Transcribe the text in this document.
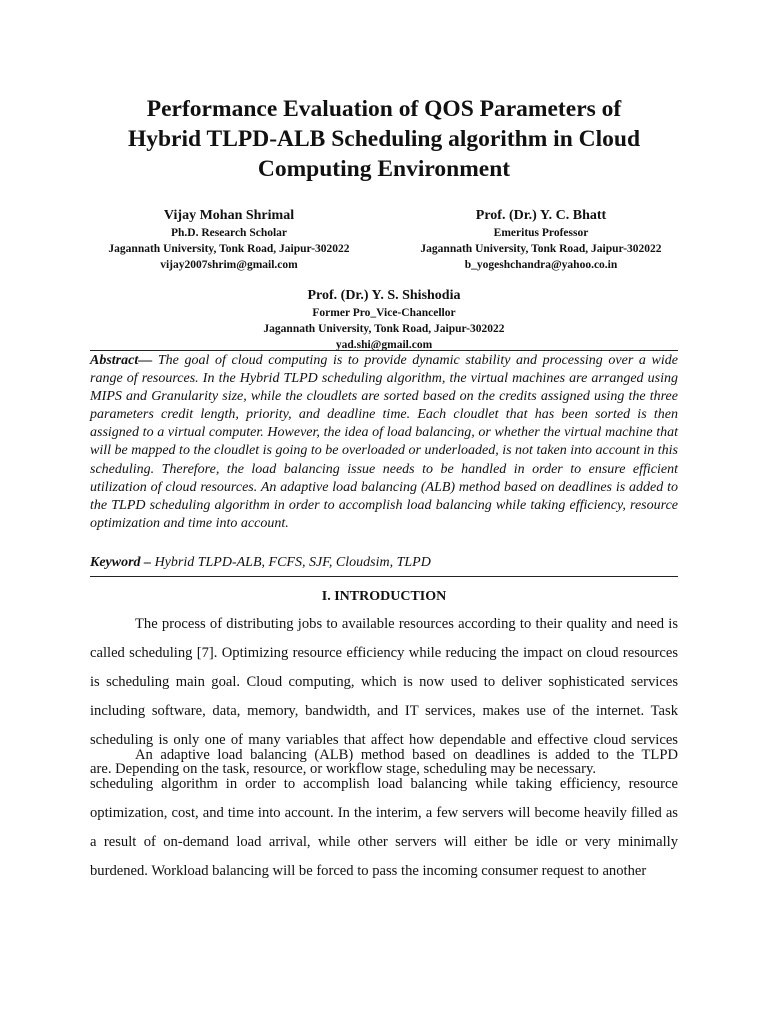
Performance Evaluation of QOS Parameters of
Hybrid TLPD-ALB Scheduling algorithm in Cloud
Computing Environment
Vijay Mohan Shrimal
Ph.D. Research Scholar
Jagannath University, Tonk Road, Jaipur-302022
vijay2007shrim@gmail.com
Prof. (Dr.) Y. C. Bhatt
Emeritus Professor
Jagannath University, Tonk Road, Jaipur-302022
b_yogeshchandra@yahoo.co.in
Prof. (Dr.) Y. S. Shishodia
Former Pro_Vice-Chancellor
Jagannath University, Tonk Road, Jaipur-302022
yad.shi@gmail.com
Abstract— The goal of cloud computing is to provide dynamic stability and processing over a wide range of resources. In the Hybrid TLPD scheduling algorithm, the virtual machines are arranged using MIPS and Granularity size, while the cloudlets are sorted based on the credits assigned using the three parameters credit length, priority, and deadline time. Each cloudlet that has been sorted is then assigned to a virtual computer. However, the idea of load balancing, or whether the virtual machine that will be mapped to the cloudlet is going to be overloaded or underloaded, is not taken into account in this scheduling. Therefore, the load balancing issue needs to be handled in order to ensure efficient utilization of cloud resources. An adaptive load balancing (ALB) method based on deadlines is added to the TLPD scheduling algorithm in order to accomplish load balancing while taking efficiency, resource optimization and time into account.
Keyword – Hybrid TLPD-ALB, FCFS, SJF, Cloudsim, TLPD
I. INTRODUCTION

The process of distributing jobs to available resources according to their quality and need is called scheduling [7]. Optimizing resource efficiency while reducing the impact on cloud resources is scheduling main goal. Cloud computing, which is now used to deliver sophisticated services including software, data, memory, bandwidth, and IT services, makes use of the internet. Task scheduling is only one of many variables that affect how dependable and effective cloud services are. Depending on the task, resource, or workflow stage, scheduling may be necessary.

An adaptive load balancing (ALB) method based on deadlines is added to the TLPD scheduling algorithm in order to accomplish load balancing while taking efficiency, resource optimization, cost, and time into account. In the interim, a few servers will become heavily filled as a result of on-demand load arrival, while other servers will either be idle or very minimally burdened. Workload balancing will be forced to pass the incoming consumer request to another
